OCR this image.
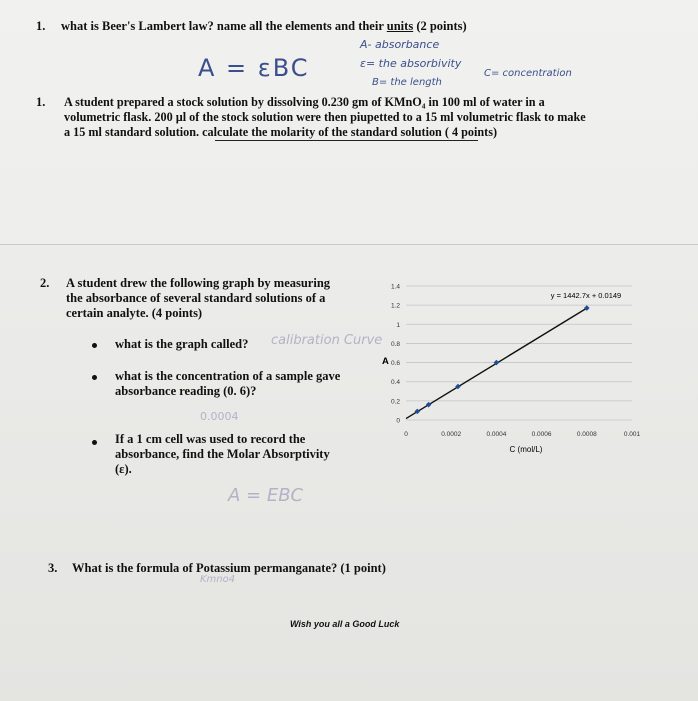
1. what is Beer's Lambert law? name all the elements and their units (2 points)
A = εBC
A- absorbance
ε= the absorbivity
C= concentration
B= the length
1. A student prepared a stock solution by dissolving 0.230 gm of KMnO₄ in 100 ml of water in a
volumetric flask. 200 µl of the stock solution were then piupetted to a 15 ml volumetric flask to make
a 15 ml standard solution. calculate the molarity of the standard solution ( 4 points)
2. A student drew the following graph by measuring
the absorbance of several standard solutions of a
certain analyte. (4 points)
what is the graph called? calibration Curve
what is the concentration of a sample gave
absorbance reading (0. 6)?
0.0004
If a 1 cm cell was used to record the
absorbance, find the Molar Absorptivity
(ε).
A = EBC
0
0.2
0.4
0.6
0.8
1
1.2
1.4
0	0.0002	0.0004	0.0006	0.0008	0.001
A
C (mol/L)
y = 1442.7x + 0.0149
3. What is the formula of Potassium permanganate? (1 point)
Kmno4
Wish you all a Good Luck
